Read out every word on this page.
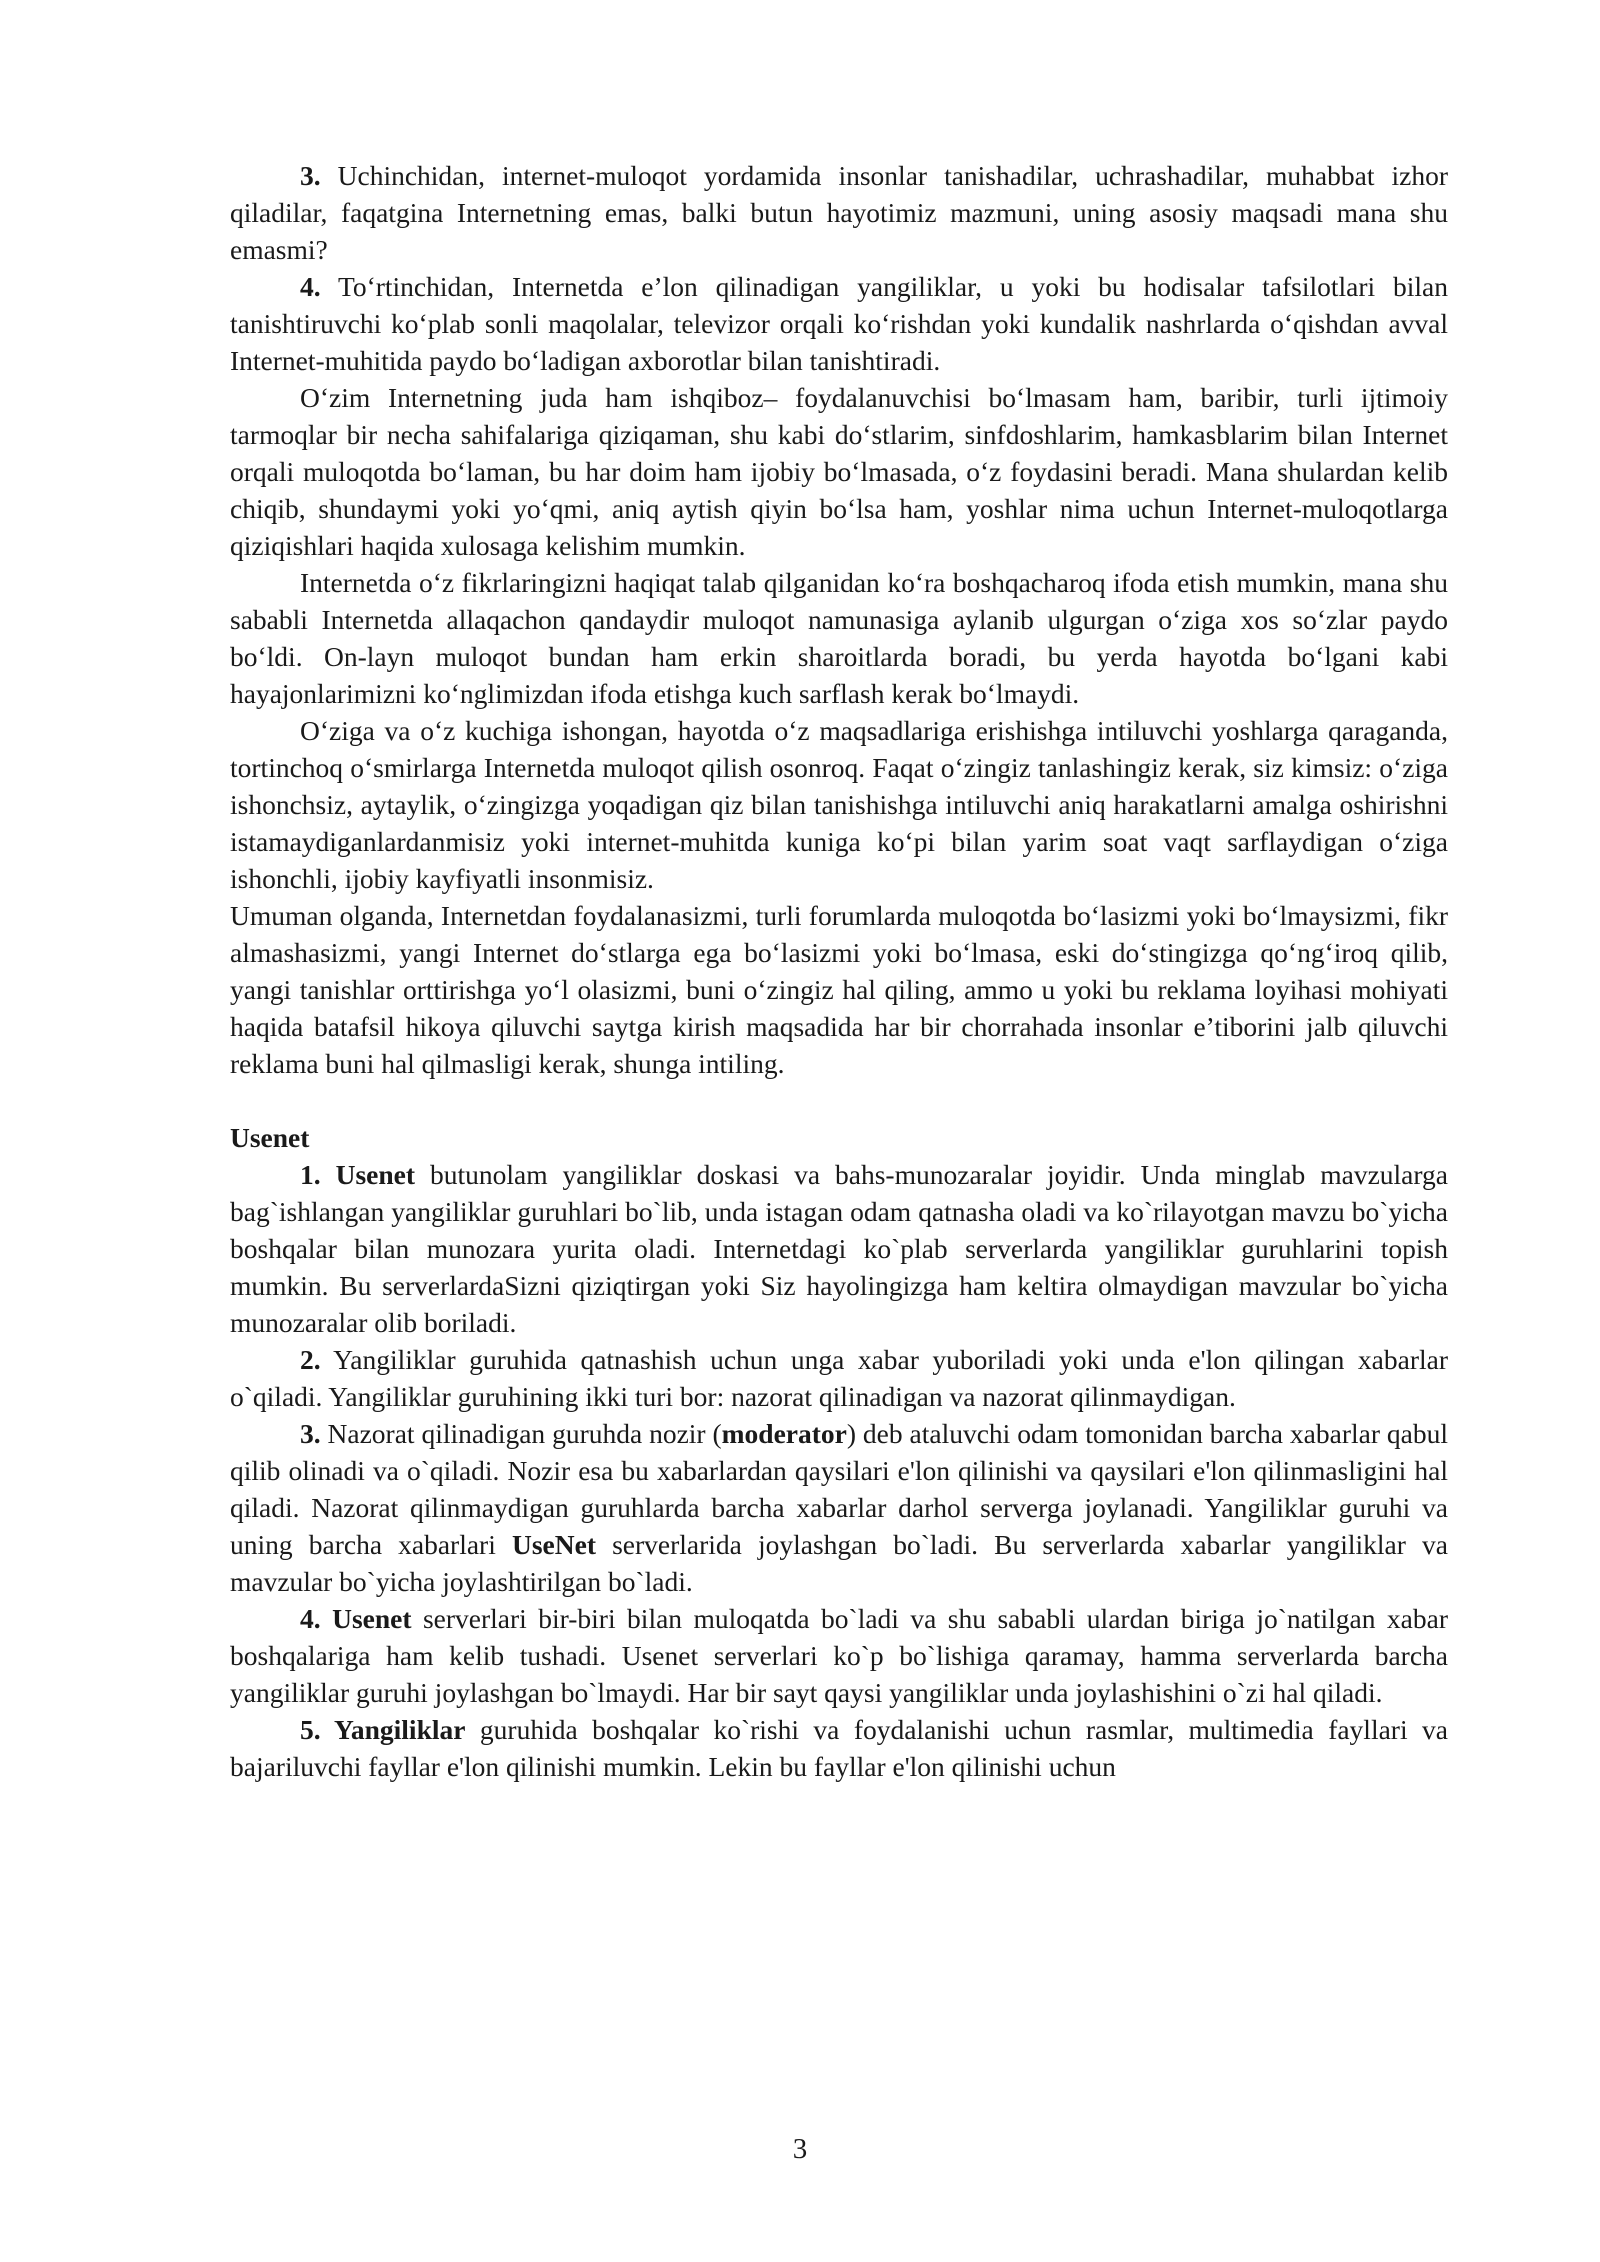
3. Uchinchidan, internet-muloqot yordamida insonlar tanishadilar, uchrashadilar, muhabbat izhor qiladilar, faqatgina Internetning emas, balki butun hayotimiz mazmuni, uning asosiy maqsadi mana shu emasmi?

4. To‘rtinchidan, Internetda e’lon qilinadigan yangiliklar, u yoki bu hodisalar tafsilotlari bilan tanishtiruvchi ko‘plab sonli maqolalar, televizor orqali ko‘rishdan yoki kundalik nashrlarda o‘qishdan avval Internet-muhitida paydo bo‘ladigan axborotlar bilan tanishtiradi.

O‘zim Internetning juda ham ishqiboz– foydalanuvchisi bo‘lmasam ham, baribir, turli ijtimoiy tarmoqlar bir necha sahifalariga qiziqaman, shu kabi do‘stlarim, sinfdoshlarim, hamkasblarim bilan Internet orqali muloqotda bo‘laman, bu har doim ham ijobiy bo‘lmasada, o‘z foydasini beradi. Mana shulardan kelib chiqib, shundaymi yoki yo‘qmi, aniq aytish qiyin bo‘lsa ham, yoshlar nima uchun Internet-muloqotlarga qiziqishlari haqida xulosaga kelishim mumkin.

Internetda o‘z fikrlaringizni haqiqat talab qilganidan ko‘ra boshqacharoq ifoda etish mumkin, mana shu sababli Internetda allaqachon qandaydir muloqot namunasiga aylanib ulgurgan o‘ziga xos so‘zlar paydo bo‘ldi. On-layn muloqot bundan ham erkin sharoitlarda boradi, bu yerda hayotda bo‘lgani kabi hayajonlarimizni ko‘nglimizdan ifoda etishga kuch sarflash kerak bo‘lmaydi.

O‘ziga va o‘z kuchiga ishongan, hayotda o‘z maqsadlariga erishishga intiluvchi yoshlarga qaraganda, tortinchoq o‘smirlarga Internetda muloqot qilish osonroq. Faqat o‘zingiz tanlashingiz kerak, siz kimsiz: o‘ziga ishonchsiz, aytaylik, o‘zingizga yoqadigan qiz bilan tanishishga intiluvchi aniq harakatlarni amalga oshirishni istamaydiganlardanmisiz yoki internet-muhitda kuniga ko‘pi bilan yarim soat vaqt sarflaydigan o‘ziga ishonchli, ijobiy kayfiyatli insonmisiz.

Umuman olganda, Internetdan foydalanasizmi, turli forumlarda muloqotda bo‘lasizmi yoki bo‘lmaysizmi, fikr almashasizmi, yangi Internet do‘stlarga ega bo‘lasizmi yoki bo‘lmasa, eski do‘stingizga qo‘ng‘iroq qilib, yangi tanishlar orttirishga yo‘l olasizmi, buni o‘zingiz hal qiling, ammo u yoki bu reklama loyihasi mohiyati haqida batafsil hikoya qiluvchi saytga kirish maqsadida har bir chorrahada insonlar e’tiborini jalb qiluvchi reklama buni hal qilmasligi kerak, shunga intiling.

Usenet

1. Usenet butunolam yangiliklar doskasi va bahs-munozaralar joyidir. Unda minglab mavzularga bag`ishlangan yangiliklar guruhlari bo`lib, unda istagan odam qatnasha oladi va ko`rilayotgan mavzu bo`yicha boshqalar bilan munozara yurita oladi. Internetdagi ko`plab serverlarda yangiliklar guruhlarini topish mumkin. Bu serverlardaSizni qiziqtirgan yoki Siz hayolingizga ham keltira olmaydigan mavzular bo`yicha munozaralar olib boriladi.

2. Yangiliklar guruhida qatnashish uchun unga xabar yuboriladi yoki unda e'lon qilingan xabarlar o`qiladi. Yangiliklar guruhining ikki turi bor: nazorat qilinadigan va nazorat qilinmaydigan.

3. Nazorat qilinadigan guruhda nozir (moderator) deb ataluvchi odam tomonidan barcha xabarlar qabul qilib olinadi va o`qiladi. Nozir esa bu xabarlardan qaysilari e'lon qilinishi va qaysilari e'lon qilinmasligini hal qiladi. Nazorat qilinmaydigan guruhlarda barcha xabarlar darhol serverga joylanadi. Yangiliklar guruhi va uning barcha xabarlari UseNet serverlarida joylashgan bo`ladi. Bu serverlarda xabarlar yangiliklar va mavzular bo`yicha joylashtirilgan bo`ladi.

4. Usenet serverlari bir-biri bilan muloqatda bo`ladi va shu sababli ulardan biriga jo`natilgan xabar boshqalariga ham kelib tushadi. Usenet serverlari ko`p bo`lishiga qaramay, hamma serverlarda barcha yangiliklar guruhi joylashgan bo`lmaydi. Har bir sayt qaysi yangiliklar unda joylashishini o`zi hal qiladi.

5. Yangiliklar guruhida boshqalar ko`rishi va foydalanishi uchun rasmlar, multimedia fayllari va bajariluvchi fayllar e'lon qilinishi mumkin. Lekin bu fayllar e'lon qilinishi uchun

3
